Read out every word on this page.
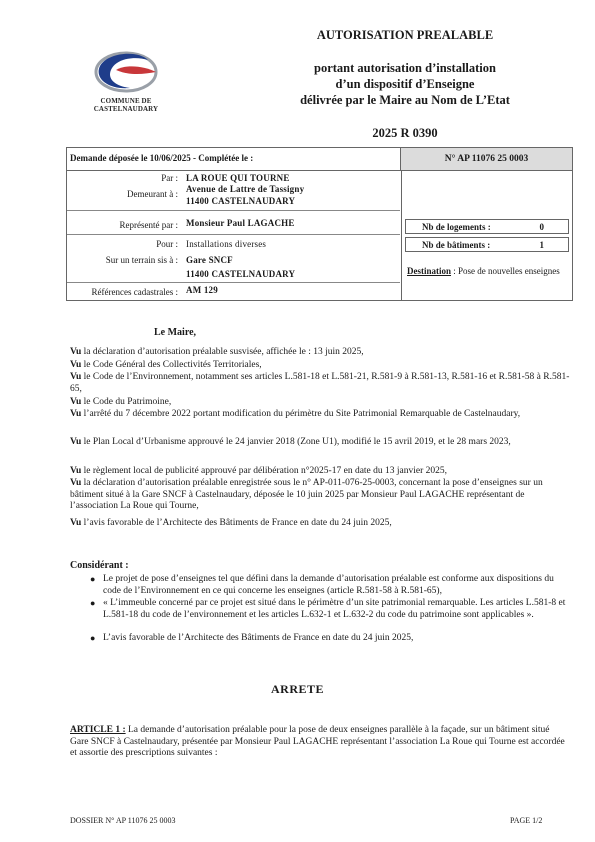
COMMUNE DE
CASTELNAUDARY
AUTORISATION PREALABLE
portant autorisation d’installation
d’un dispositif d’Enseigne
délivrée par le Maire au Nom de L’Etat
2025 R 0390
Demande déposée le 10/06/2025 - Complétée le :	N° AP 11076 25 0003
Par : LA ROUE QUI TOURNE
Demeurant à : Avenue de Lattre de Tassigny
11400 CASTELNAUDARY
Représenté par : Monsieur Paul LAGACHE
Pour : Installations diverses
Sur un terrain sis à : Gare SNCF
11400 CASTELNAUDARY
Références cadastrales : AM 129
Nb de logements :	0
Nb de bâtiments :	1
Destination : Pose de nouvelles enseignes
Le Maire,
Vu la déclaration d’autorisation préalable susvisée, affichée le : 13 juin 2025,
Vu le Code Général des Collectivités Territoriales,
Vu le Code de l’Environnement, notamment ses articles L.581-18 et L.581-21, R.581-9 à R.581-13, R.581-16 et R.581-58 à R.581-65,
Vu le Code du Patrimoine,
Vu l’arrêté du 7 décembre 2022 portant modification du périmètre du Site Patrimonial Remarquable de Castelnaudary,
Vu le Plan Local d’Urbanisme approuvé le 24 janvier 2018 (Zone U1), modifié le 15 avril 2019, et le 28 mars 2023,
Vu le règlement local de publicité approuvé par délibération n°2025-17 en date du 13 janvier 2025,
Vu la déclaration d’autorisation préalable enregistrée sous le n° AP-011-076-25-0003, concernant la pose d’enseignes sur un bâtiment situé à la Gare SNCF à Castelnaudary, déposée le 10 juin 2025 par Monsieur Paul LAGACHE représentant de l’association La Roue qui Tourne,
Vu l’avis favorable de l’Architecte des Bâtiments de France en date du 24 juin 2025,
Considérant :
● Le projet de pose d’enseignes tel que défini dans la demande d’autorisation préalable est conforme aux dispositions du code de l’Environnement en ce qui concerne les enseignes (article R.581-58 à R.581-65),
● « L’immeuble concerné par ce projet est situé dans le périmètre d’un site patrimonial remarquable. Les articles L.581-8 et L.581-18 du code de l’environnement et les articles L.632-1 et L.632-2 du code du patrimoine sont applicables ».
● L’avis favorable de l’Architecte des Bâtiments de France en date du 24 juin 2025,
ARRETE
ARTICLE 1 : La demande d’autorisation préalable pour la pose de deux enseignes parallèle à la façade, sur un bâtiment situé Gare SNCF à Castelnaudary, présentée par Monsieur Paul LAGACHE représentant l’association La Roue qui Tourne est accordée et assortie des prescriptions suivantes :
DOSSIER N° AP 11076 25 0003	PAGE 1/2
